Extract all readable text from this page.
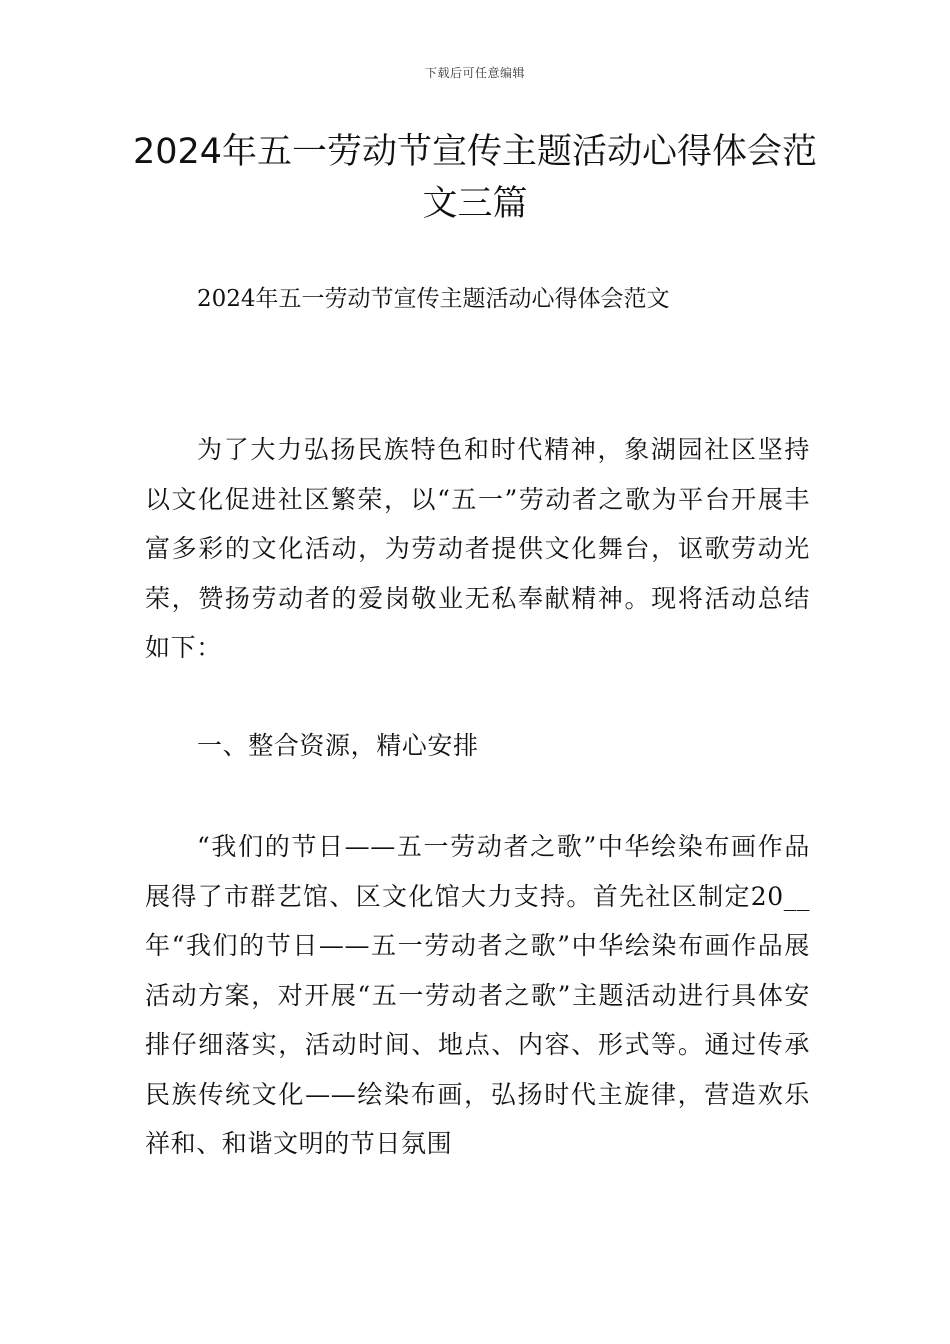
下载后可任意编辑
2024年五一劳动节宣传主题活动心得体会范文三篇
2024年五一劳动节宣传主题活动心得体会范文

为了大力弘扬民族特色和时代精神，象湖园社区坚持以文化促进社区繁荣，以“五一”劳动者之歌为平台开展丰富多彩的文化活动，为劳动者提供文化舞台，讴歌劳动光荣，赞扬劳动者的爱岗敬业无私奉献精神。现将活动总结如下：

一、整合资源，精心安排

“我们的节日——五一劳动者之歌”中华绘染布画作品展得了市群艺馆、区文化馆大力支持。首先社区制定20__年“我们的节日——五一劳动者之歌”中华绘染布画作品展活动方案，对开展“五一劳动者之歌”主题活动进行具体安排仔细落实，活动时间、地点、内容、形式等。通过传承民族传统文化——绘染布画，弘扬时代主旋律，营造欢乐祥和、和谐文明的节日氛围
